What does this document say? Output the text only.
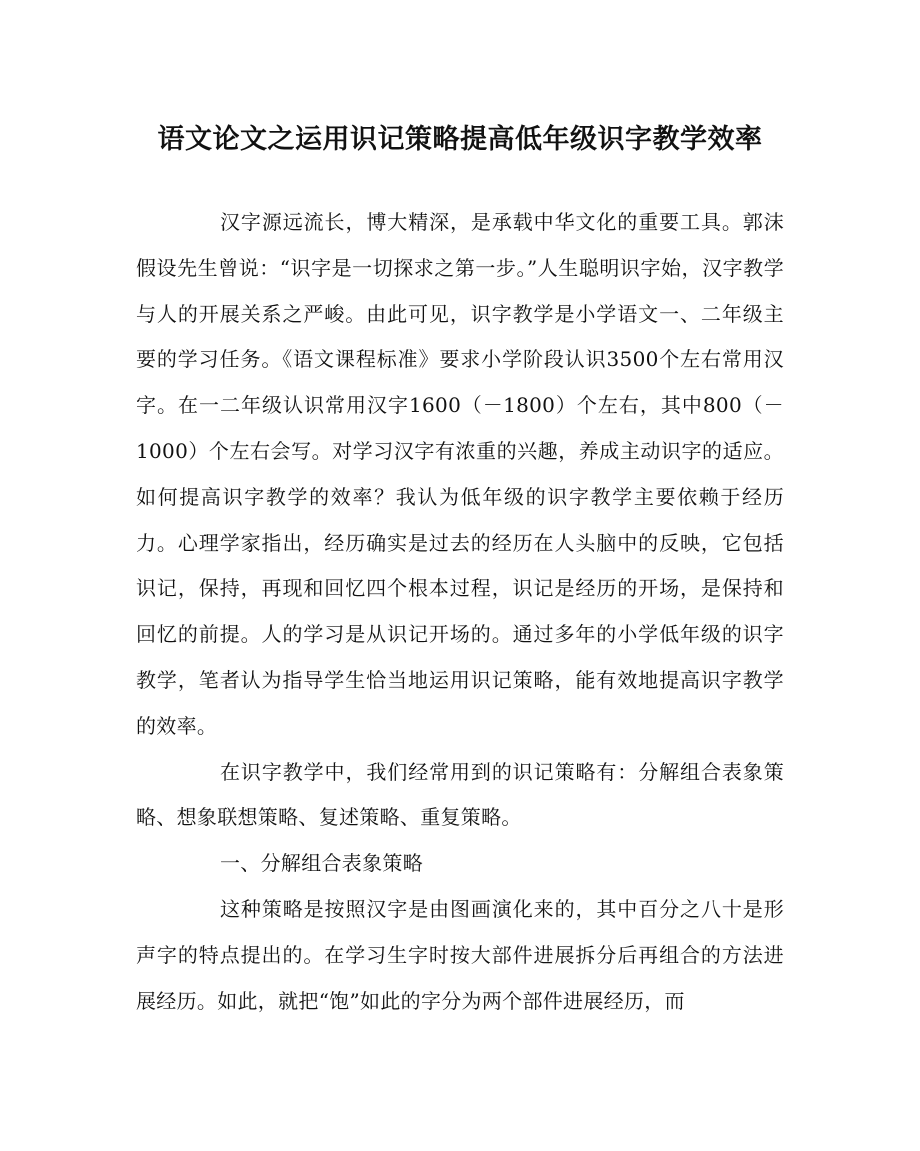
语文论文之运用识记策略提高低年级识字教学效率

汉字源远流长，博大精深，是承载中华文化的重要工具。郭沫假设先生曾说：“识字是一切探求之第一步。”人生聪明识字始，汉字教学与人的开展关系之严峻。由此可见，识字教学是小学语文一、二年级主要的学习任务。《语文课程标准》要求小学阶段认识3500个左右常用汉字。在一二年级认识常用汉字1600（－1800）个左右，其中800（－1000）个左右会写。对学习汉字有浓重的兴趣，养成主动识字的适应。如何提高识字教学的效率？我认为低年级的识字教学主要依赖于经历力。心理学家指出，经历确实是过去的经历在人头脑中的反映，它包括识记，保持，再现和回忆四个根本过程，识记是经历的开场，是保持和回忆的前提。人的学习是从识记开场的。通过多年的小学低年级的识字教学，笔者认为指导学生恰当地运用识记策略，能有效地提高识字教学的效率。

在识字教学中，我们经常用到的识记策略有：分解组合表象策略、想象联想策略、复述策略、重复策略。

一、分解组合表象策略

这种策略是按照汉字是由图画演化来的，其中百分之八十是形声字的特点提出的。在学习生字时按大部件进展拆分后再组合的方法进展经历。如此，就把“饱”如此的字分为两个部件进展经历，而
